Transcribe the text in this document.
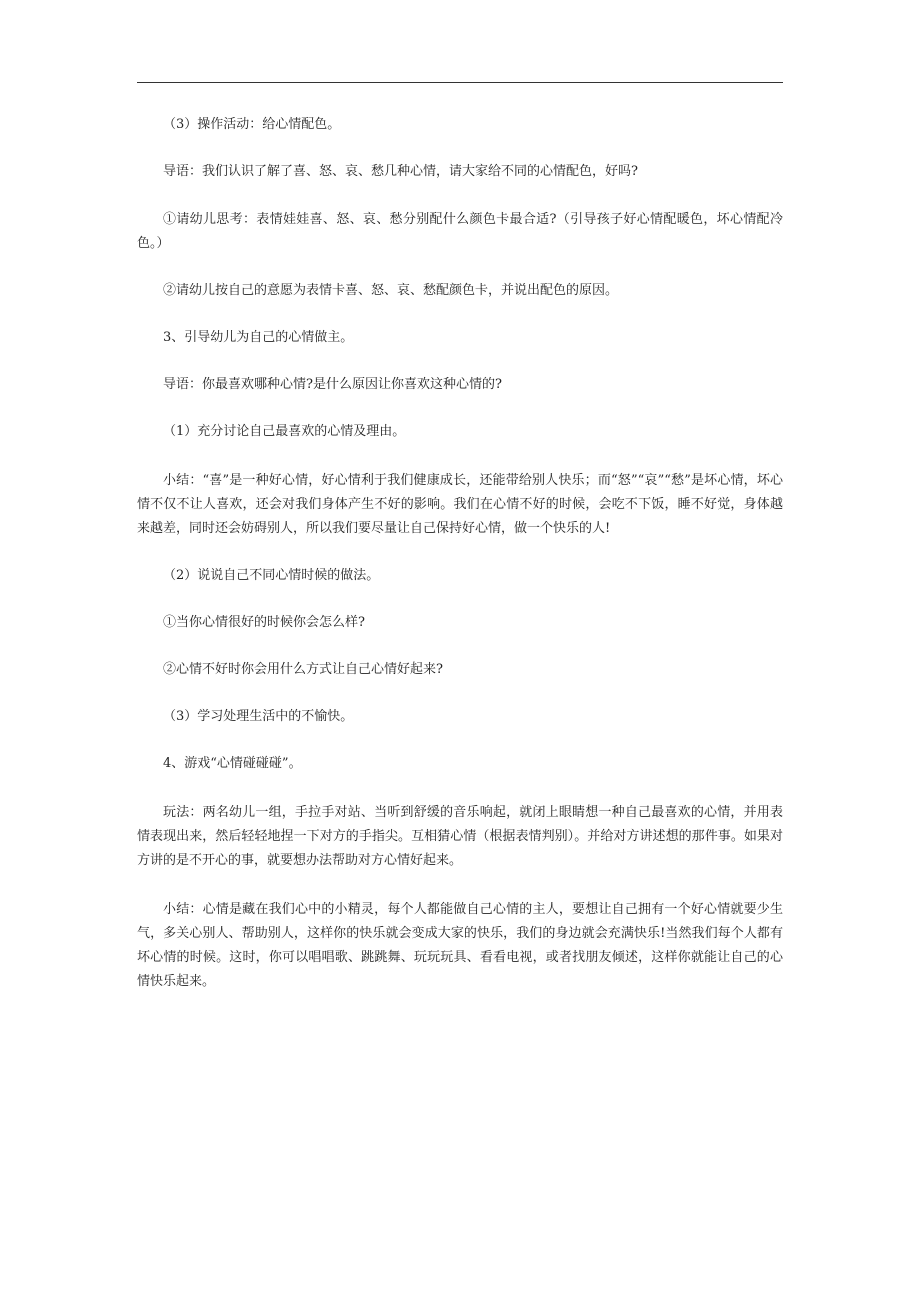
（3）操作活动：给心情配色。

导语：我们认识了解了喜、怒、哀、愁几种心情，请大家给不同的心情配色，好吗?

①请幼儿思考：表情娃娃喜、怒、哀、愁分别配什么颜色卡最合适?（引导孩子好心情配暖色，坏心情配冷色。）

②请幼儿按自己的意愿为表情卡喜、怒、哀、愁配颜色卡，并说出配色的原因。

3、引导幼儿为自己的心情做主。

导语：你最喜欢哪种心情?是什么原因让你喜欢这种心情的?

（1）充分讨论自己最喜欢的心情及理由。

小结：“喜”是一种好心情，好心情利于我们健康成长，还能带给别人快乐；而“怒”“哀”“愁”是坏心情，坏心情不仅不让人喜欢，还会对我们身体产生不好的影响。我们在心情不好的时候，会吃不下饭，睡不好觉，身体越来越差，同时还会妨碍别人，所以我们要尽量让自己保持好心情，做一个快乐的人!

（2）说说自己不同心情时候的做法。

①当你心情很好的时候你会怎么样?

②心情不好时你会用什么方式让自己心情好起来?

（3）学习处理生活中的不愉快。

4、游戏“心情碰碰碰”。

玩法：两名幼儿一组，手拉手对站、当听到舒缓的音乐响起，就闭上眼睛想一种自己最喜欢的心情，并用表情表现出来，然后轻轻地捏一下对方的手指尖。互相猜心情（根据表情判别）。并给对方讲述想的那件事。如果对方讲的是不开心的事，就要想办法帮助对方心情好起来。

小结：心情是藏在我们心中的小精灵，每个人都能做自己心情的主人，要想让自己拥有一个好心情就要少生气，多关心别人、帮助别人，这样你的快乐就会变成大家的快乐，我们的身边就会充满快乐!当然我们每个人都有坏心情的时候。这时，你可以唱唱歌、跳跳舞、玩玩玩具、看看电视，或者找朋友倾述，这样你就能让自己的心情快乐起来。
